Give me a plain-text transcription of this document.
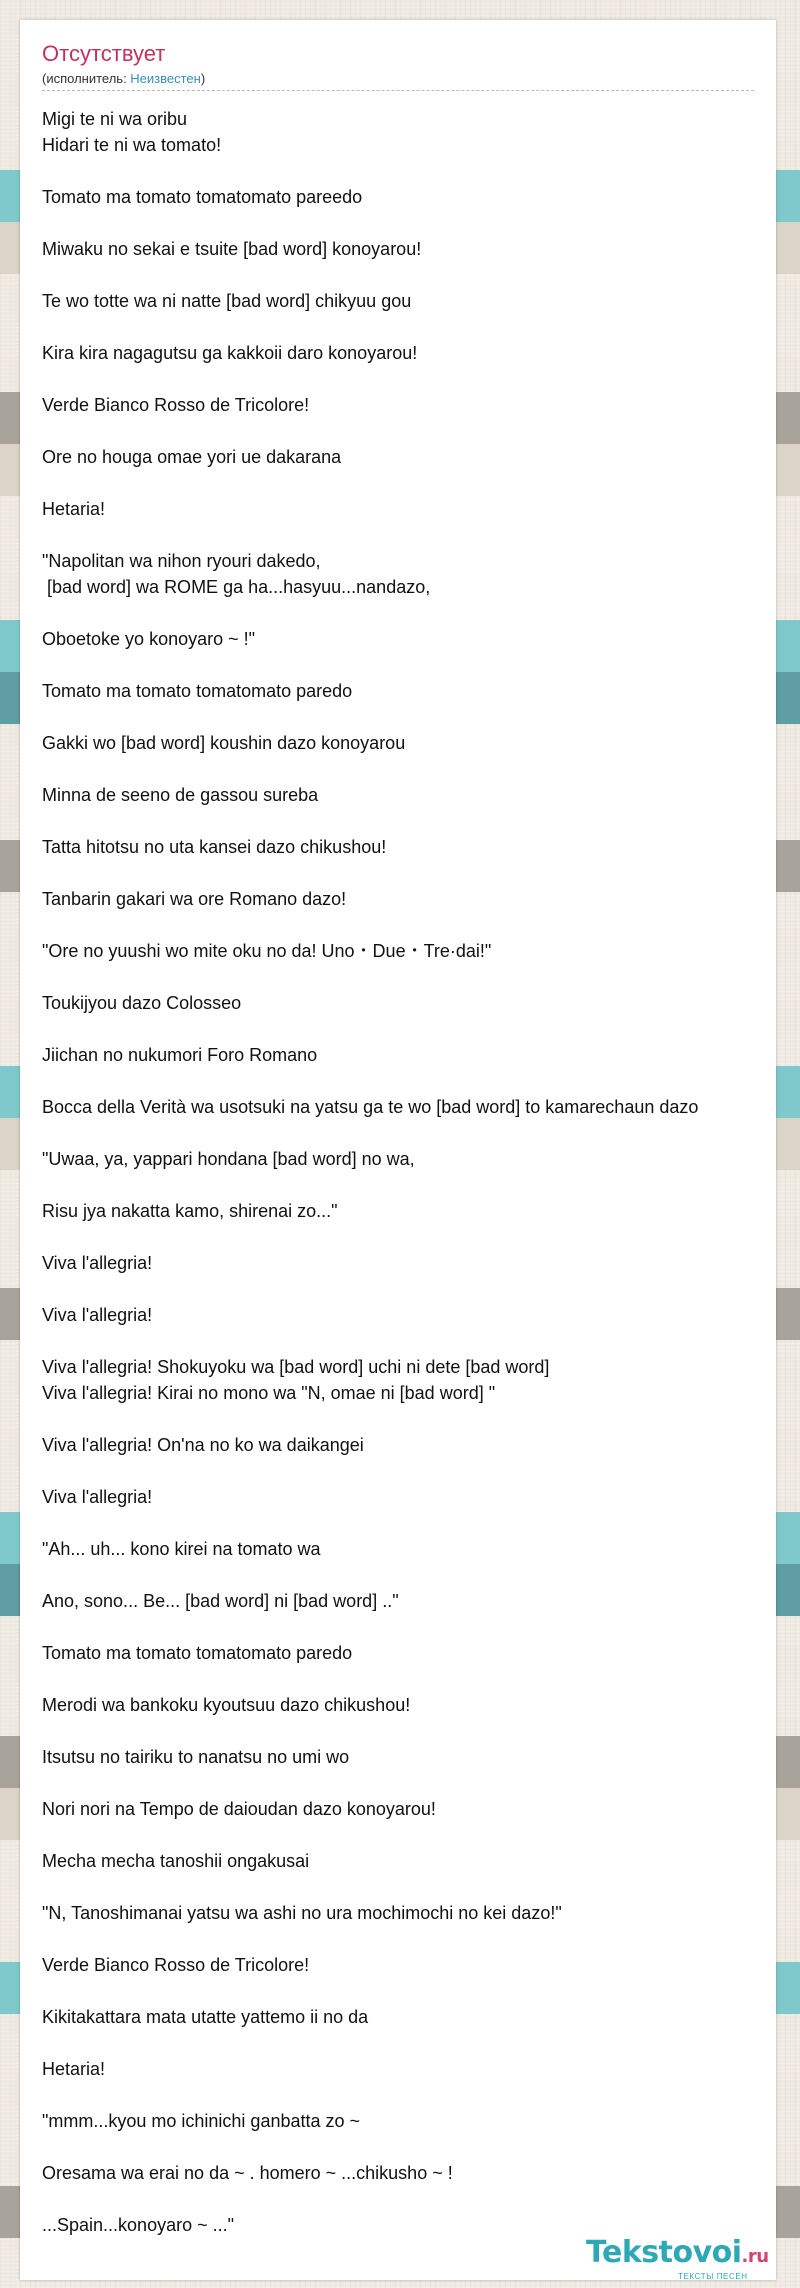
Отсутствует
(исполнитель: Неизвестен)
Migi te ni wa oribu
Hidari te ni wa tomato!
Tomato ma tomato tomatomato pareedo
Miwaku no sekai e tsuite [bad word] konoyarou!
Te wo totte wa ni natte [bad word] chikyuu gou
Kira kira nagagutsu ga kakkoii daro konoyarou!
Verde Bianco Rosso de Tricolore!
Ore no houga omae yori ue dakarana
Hetaria!
"Napolitan wa nihon ryouri dakedo,
[bad word] wa ROME ga ha...hasyuu...nandazo,
Oboetoke yo konoyaro ~ !"
Tomato ma tomato tomatomato paredo
Gakki wo [bad word] koushin dazo konoyarou
Minna de seeno de gassou sureba
Tatta hitotsu no uta kansei dazo chikushou!
Tanbarin gakari wa ore Romano dazo!
"Ore no yuushi wo mite oku no da! Uno・Due・Tre·dai!"
Toukijyou dazo Colosseo
Jiichan no nukumori Foro Romano
Bocca della Verità wa usotsuki na yatsu ga te wo [bad word] to kamarechaun dazo
"Uwaa, ya, yappari hondana [bad word] no wa,
Risu jya nakatta kamo, shirenai zo..."
Viva l'allegria!
Viva l'allegria!
Viva l'allegria! Shokuyoku wa [bad word] uchi ni dete [bad word]
Viva l'allegria! Kirai no mono wa "N, omae ni [bad word] "
Viva l'allegria! On'na no ko wa daikangei
Viva l'allegria!
"Ah... uh... kono kirei na tomato wa
Ano, sono... Be... [bad word] ni [bad word] .."
Tomato ma tomato tomatomato paredo
Merodi wa bankoku kyoutsuu dazo chikushou!
Itsutsu no tairiku to nanatsu no umi wo
Nori nori na Tempo de daioudan dazo konoyarou!
Mecha mecha tanoshii ongakusai
"N, Tanoshimanai yatsu wa ashi no ura mochimochi no kei dazo!"
Verde Bianco Rosso de Tricolore!
Kikitakattara mata utatte yattemo ii no da
Hetaria!
"mmm...kyou mo ichinichi ganbatta zo ~
Oresama wa erai no da ~ . homero ~ ...chikusho ~ !
...Spain...konoyaro ~ ..."
Tekstovoi.ru
ТЕКСТЫ ПЕСЕН
